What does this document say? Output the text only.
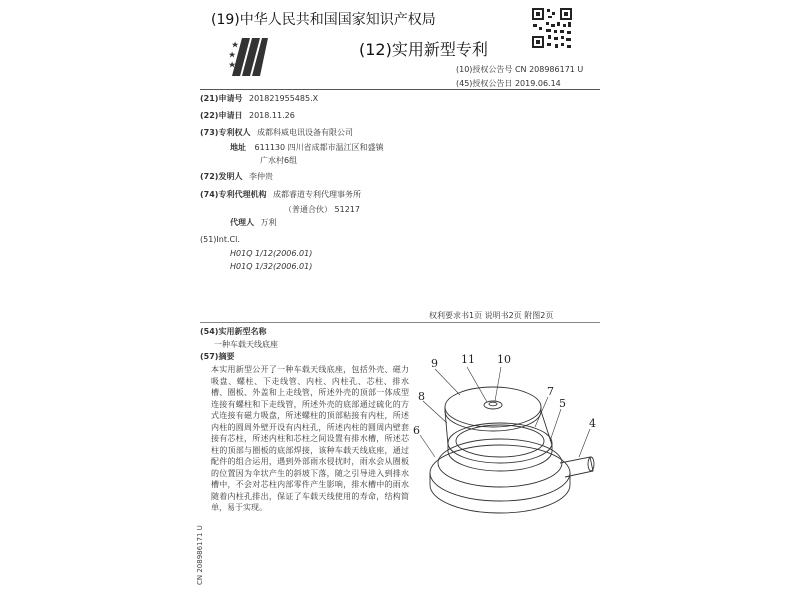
(19)中华人民共和国国家知识产权局
(12)实用新型专利
(10)授权公告号 CN 208986171 U
(45)授权公告日 2019.06.14
(21)申请号 201821955485.X
(22)申请日 2018.11.26
(73)专利权人 成都科威电讯设备有限公司
地址 611130 四川省成都市温江区和盛镇
广水村6组
(72)发明人 李仲贵
(74)专利代理机构 成都睿道专利代理事务所
（普通合伙） 51217
代理人 万利
(51)Int.Cl.
H01Q 1/12(2006.01)
H01Q 1/32(2006.01)
权利要求书1页 说明书2页 附图2页
(54)实用新型名称
一种车载天线底座
(57)摘要
本实用新型公开了一种车载天线底座，包括外壳、磁力吸盘、螺柱、下走线管、内柱、内柱孔、芯柱、排水槽、圈板、外盖和上走线管，所述外壳的顶部一体成型连接有螺柱和下走线管，所述外壳的底部通过硫化的方式连接有磁力吸盘，所述螺柱的顶部粘接有内柱，所述内柱的圆周外壁开设有内柱孔，所述内柱的圆周内壁套接有芯柱，所述内柱和芯柱之间设置有排水槽，所述芯柱的顶部与圈板的底部焊接，该种车载天线底座，通过配件的组合运用，遇到外部雨水侵扰时，雨水会从圈板的位置因为伞状产生的斜坡下落，随之引导进入到排水槽中，不会对芯柱内部零件产生影响，排水槽中的雨水随着内柱孔排出，保证了车载天线使用的寿命，结构简单，易于实现。
CN 208986171 U
11 10
9
8	7
5
6
4
